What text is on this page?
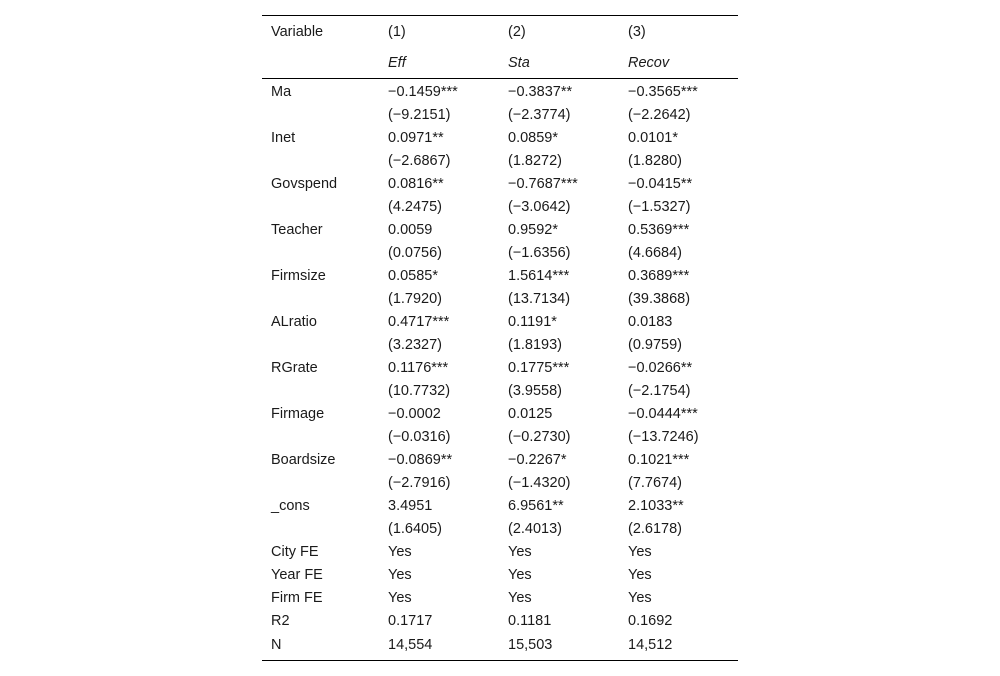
Variable	(1)	(2)	(3)
	Eff	Sta	Recov
Ma	−0.1459***	−0.3837**	−0.3565***
	(−9.2151)	(−2.3774)	(−2.2642)
Inet	0.0971**	0.0859*	0.0101*
	(−2.6867)	(1.8272)	(1.8280)
Govspend	0.0816**	−0.7687***	−0.0415**
	(4.2475)	(−3.0642)	(−1.5327)
Teacher	0.0059	0.9592*	0.5369***
	(0.0756)	(−1.6356)	(4.6684)
Firmsize	0.0585*	1.5614***	0.3689***
	(1.7920)	(13.7134)	(39.3868)
ALratio	0.4717***	0.1191*	0.0183
	(3.2327)	(1.8193)	(0.9759)
RGrate	0.1176***	0.1775***	−0.0266**
	(10.7732)	(3.9558)	(−2.1754)
Firmage	−0.0002	0.0125	−0.0444***
	(−0.0316)	(−0.2730)	(−13.7246)
Boardsize	−0.0869**	−0.2267*	0.1021***
	(−2.7916)	(−1.4320)	(7.7674)
_cons	3.4951	6.9561**	2.1033**
	(1.6405)	(2.4013)	(2.6178)
City FE	Yes	Yes	Yes
Year FE	Yes	Yes	Yes
Firm FE	Yes	Yes	Yes
R2	0.1717	0.1181	0.1692
N	14,554	15,503	14,512
